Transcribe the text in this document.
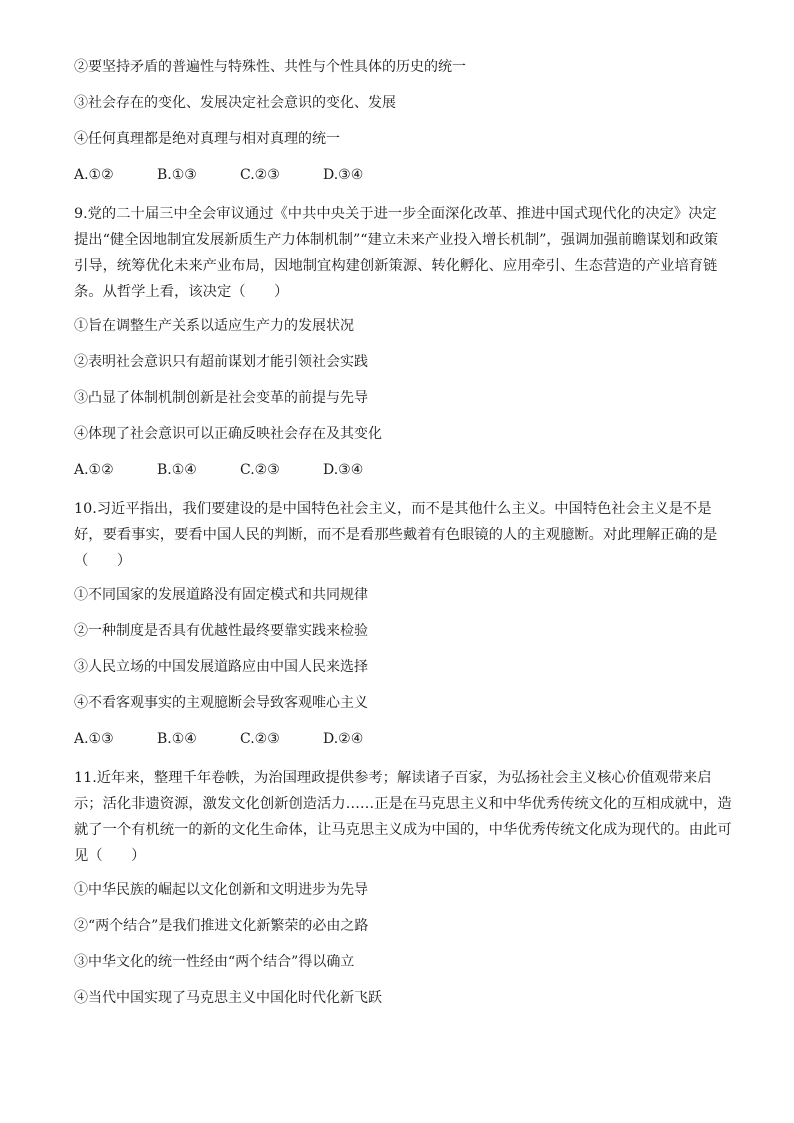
②要坚持矛盾的普遍性与特殊性、共性与个性具体的历史的统一
③社会存在的变化、发展决定社会意识的变化、发展
④任何真理都是绝对真理与相对真理的统一
A.①②	B.①③	C.②③	D.③④
9.党的二十届三中全会审议通过《中共中央关于进一步全面深化改革、推进中国式现代化的决定》决定
提出“健全因地制宜发展新质生产力体制机制”“建立未来产业投入增长机制”，强调加强前瞻谋划和政策
引导，统筹优化未来产业布局，因地制宜构建创新策源、转化孵化、应用牵引、生态营造的产业培育链
条。从哲学上看，该决定（　　）
①旨在调整生产关系以适应生产力的发展状况
②表明社会意识只有超前谋划才能引领社会实践
③凸显了体制机制创新是社会变革的前提与先导
④体现了社会意识可以正确反映社会存在及其变化
A.①②	B.①④	C.②③	D.③④
10.习近平指出，我们要建设的是中国特色社会主义，而不是其他什么主义。中国特色社会主义是不是
好，要看事实，要看中国人民的判断，而不是看那些戴着有色眼镜的人的主观臆断。对此理解正确的是
（　　）
①不同国家的发展道路没有固定模式和共同规律
②一种制度是否具有优越性最终要靠实践来检验
③人民立场的中国发展道路应由中国人民来选择
④不看客观事实的主观臆断会导致客观唯心主义
A.①③	B.①④	C.②③	D.②④
11.近年来，整理千年卷帙，为治国理政提供参考；解读诸子百家，为弘扬社会主义核心价值观带来启
示；活化非遗资源，激发文化创新创造活力……正是在马克思主义和中华优秀传统文化的互相成就中，造
就了一个有机统一的新的文化生命体，让马克思主义成为中国的，中华优秀传统文化成为现代的。由此可
见（　　）
①中华民族的崛起以文化创新和文明进步为先导
②“两个结合”是我们推进文化新繁荣的必由之路
③中华文化的统一性经由“两个结合”得以确立
④当代中国实现了马克思主义中国化时代化新飞跃
